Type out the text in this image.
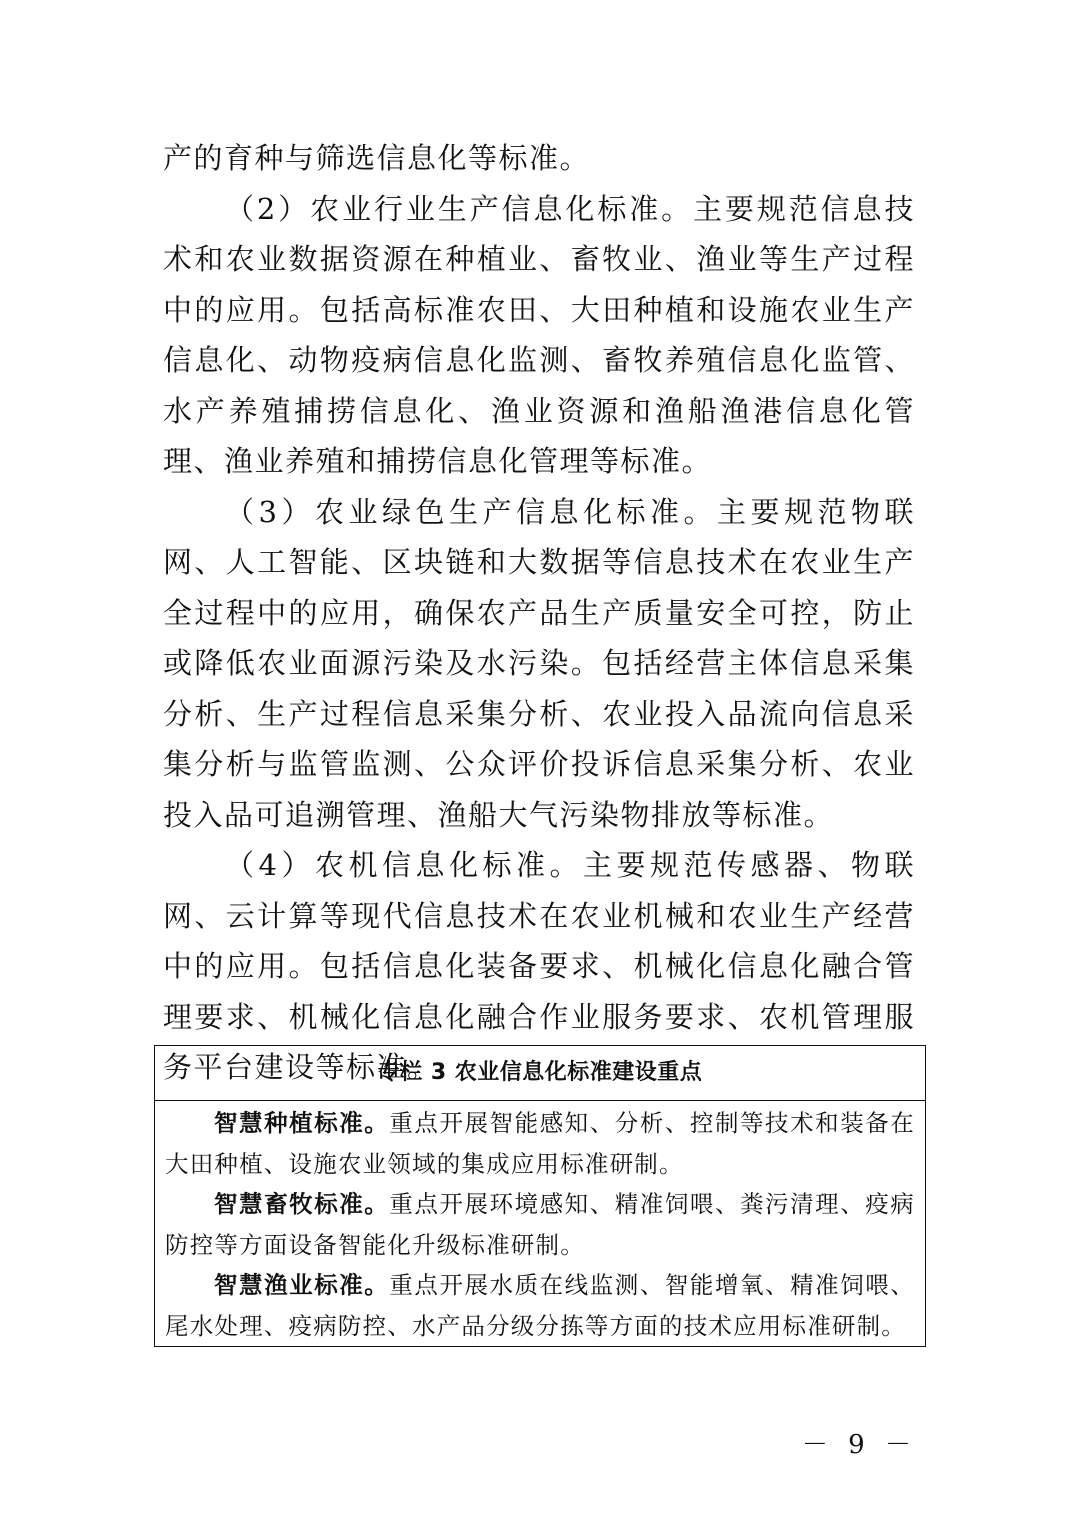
产的育种与筛选信息化等标准。

（2）农业行业生产信息化标准。主要规范信息技术和农业数据资源在种植业、畜牧业、渔业等生产过程中的应用。包括高标准农田、大田种植和设施农业生产信息化、动物疫病信息化监测、畜牧养殖信息化监管、水产养殖捕捞信息化、渔业资源和渔船渔港信息化管理、渔业养殖和捕捞信息化管理等标准。

（3）农业绿色生产信息化标准。主要规范物联网、人工智能、区块链和大数据等信息技术在农业生产全过程中的应用，确保农产品生产质量安全可控，防止或降低农业面源污染及水污染。包括经营主体信息采集分析、生产过程信息采集分析、农业投入品流向信息采集分析与监管监测、公众评价投诉信息采集分析、农业投入品可追溯管理、渔船大气污染物排放等标准。

（4）农机信息化标准。主要规范传感器、物联网、云计算等现代信息技术在农业机械和农业生产经营中的应用。包括信息化装备要求、机械化信息化融合管理要求、机械化信息化融合作业服务要求、农机管理服务平台建设等标准。

专栏 3 农业信息化标准建设重点

智慧种植标准。重点开展智能感知、分析、控制等技术和装备在大田种植、设施农业领域的集成应用标准研制。

智慧畜牧标准。重点开展环境感知、精准饲喂、粪污清理、疫病防控等方面设备智能化升级标准研制。

智慧渔业标准。重点开展水质在线监测、智能增氧、精准饲喂、尾水处理、疫病防控、水产品分级分拣等方面的技术应用标准研制。

－ 9 －
